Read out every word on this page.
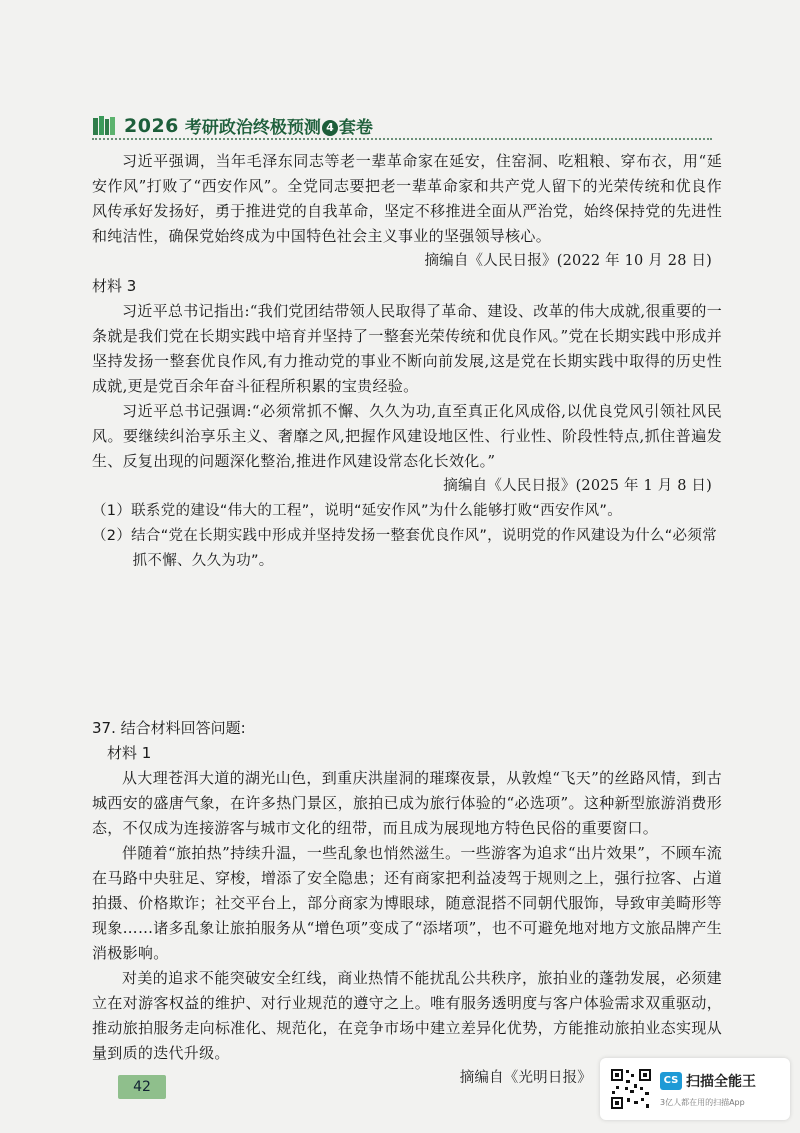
2026 考研政治终极预测 4 套卷

习近平强调，当年毛泽东同志等老一辈革命家在延安，住窑洞、吃粗粮、穿布衣，用“延安作风”打败了“西安作风”。全党同志要把老一辈革命家和共产党人留下的光荣传统和优良作风传承好发扬好，勇于推进党的自我革命，坚定不移推进全面从严治党，始终保持党的先进性和纯洁性，确保党始终成为中国特色社会主义事业的坚强领导核心。

摘编自《人民日报》(2022 年 10 月 28 日)
材料 3

习近平总书记指出:“我们党团结带领人民取得了革命、建设、改革的伟大成就,很重要的一条就是我们党在长期实践中培育并坚持了一整套光荣传统和优良作风。”党在长期实践中形成并坚持发扬一整套优良作风,有力推动党的事业不断向前发展,这是党在长期实践中取得的历史性成就,更是党百余年奋斗征程所积累的宝贵经验。

习近平总书记强调:“必须常抓不懈、久久为功,直至真正化风成俗,以优良党风引领社风民风。要继续纠治享乐主义、奢靡之风,把握作风建设地区性、行业性、阶段性特点,抓住普遍发生、反复出现的问题深化整治,推进作风建设常态化长效化。”

摘编自《人民日报》(2025 年 1 月 8 日)
（1）联系党的建设“伟大的工程”，说明“延安作风”为什么能够打败“西安作风”。
（2）结合“党在长期实践中形成并坚持发扬一整套优良作风”，说明党的作风建设为什么“必须常抓不懈、久久为功”。
37. 结合材料回答问题:
材料 1

从大理苍洱大道的湖光山色，到重庆洪崖洞的璀璨夜景，从敦煌“飞天”的丝路风情，到古城西安的盛唐气象，在许多热门景区，旅拍已成为旅行体验的“必选项”。这种新型旅游消费形态，不仅成为连接游客与城市文化的纽带，而且成为展现地方特色民俗的重要窗口。

伴随着“旅拍热”持续升温，一些乱象也悄然滋生。一些游客为追求“出片效果”，不顾车流在马路中央驻足、穿梭，增添了安全隐患；还有商家把利益凌驾于规则之上，强行拉客、占道拍摄、价格欺诈；社交平台上，部分商家为博眼球，随意混搭不同朝代服饰，导致审美畸形等现象……诸多乱象让旅拍服务从“增色项”变成了“添堵项”，也不可避免地对地方文旅品牌产生消极影响。

对美的追求不能突破安全红线，商业热情不能扰乱公共秩序，旅拍业的蓬勃发展，必须建立在对游客权益的维护、对行业规范的遵守之上。唯有服务透明度与客户体验需求双重驱动，推动旅拍服务走向标准化、规范化，在竞争市场中建立差异化优势，方能推动旅拍业态实现从量到质的迭代升级。

摘编自《光明日报》
42	CS 扫描全能王
3亿人都在用的扫描App
